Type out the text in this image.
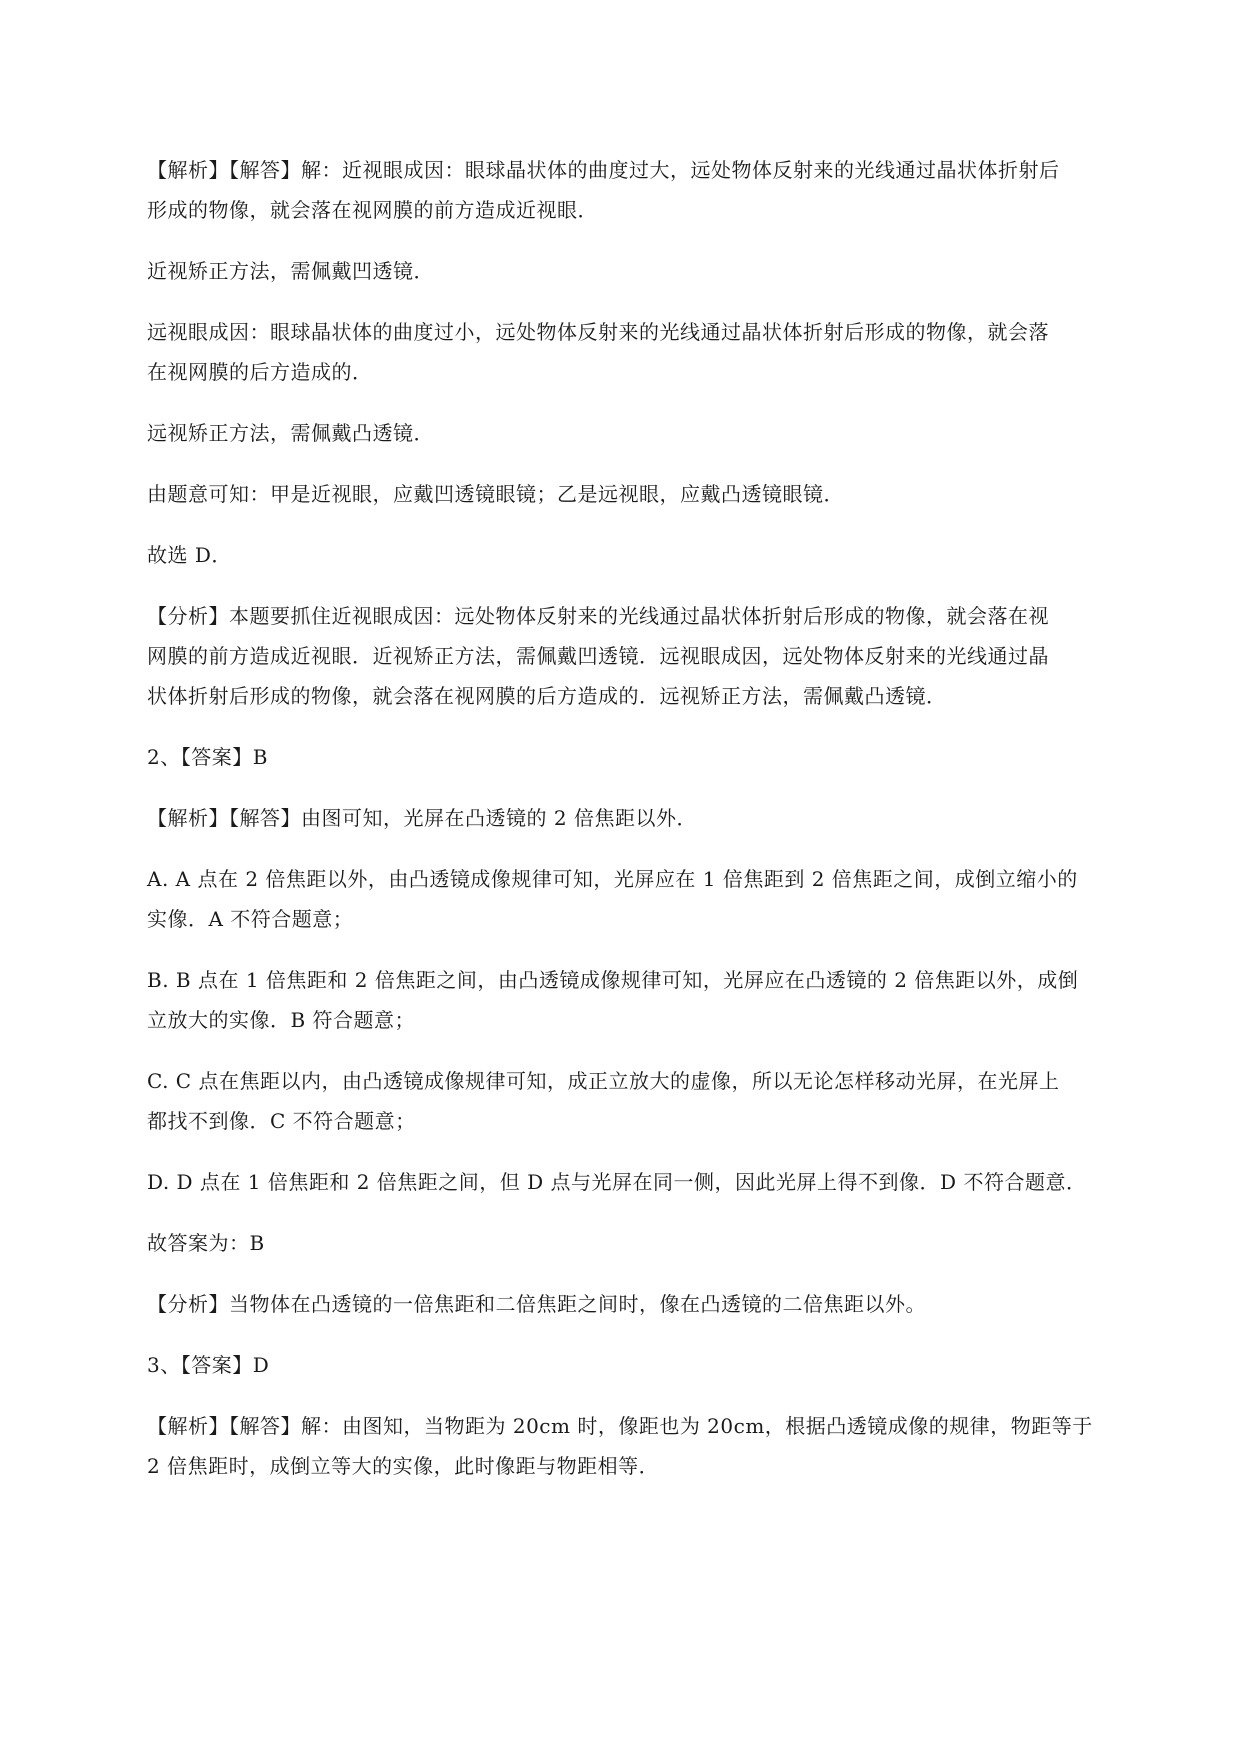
【解析】【解答】解：近视眼成因：眼球晶状体的曲度过大，远处物体反射来的光线通过晶状体折射后
形成的物像，就会落在视网膜的前方造成近视眼．

近视矫正方法，需佩戴凹透镜．

远视眼成因：眼球晶状体的曲度过小，远处物体反射来的光线通过晶状体折射后形成的物像，就会落
在视网膜的后方造成的．

远视矫正方法，需佩戴凸透镜．

由题意可知：甲是近视眼，应戴凹透镜眼镜；乙是远视眼，应戴凸透镜眼镜．

故选 D．

【分析】本题要抓住近视眼成因：远处物体反射来的光线通过晶状体折射后形成的物像，就会落在视
网膜的前方造成近视眼．近视矫正方法，需佩戴凹透镜．远视眼成因，远处物体反射来的光线通过晶
状体折射后形成的物像，就会落在视网膜的后方造成的．远视矫正方法，需佩戴凸透镜．

2、【答案】B

【解析】【解答】由图可知，光屏在凸透镜的 2 倍焦距以外．

A. A 点在 2 倍焦距以外，由凸透镜成像规律可知，光屏应在 1 倍焦距到 2 倍焦距之间，成倒立缩小的
实像．A 不符合题意；

B. B 点在 1 倍焦距和 2 倍焦距之间，由凸透镜成像规律可知，光屏应在凸透镜的 2 倍焦距以外，成倒
立放大的实像．B 符合题意；

C. C 点在焦距以内，由凸透镜成像规律可知，成正立放大的虚像，所以无论怎样移动光屏，在光屏上
都找不到像．C 不符合题意；

D. D 点在 1 倍焦距和 2 倍焦距之间，但 D 点与光屏在同一侧，因此光屏上得不到像．D 不符合题意．

故答案为：B

【分析】当物体在凸透镜的一倍焦距和二倍焦距之间时，像在凸透镜的二倍焦距以外。

3、【答案】D

【解析】【解答】解：由图知，当物距为 20cm 时，像距也为 20cm，根据凸透镜成像的规律，物距等于
2 倍焦距时，成倒立等大的实像，此时像距与物距相等．
